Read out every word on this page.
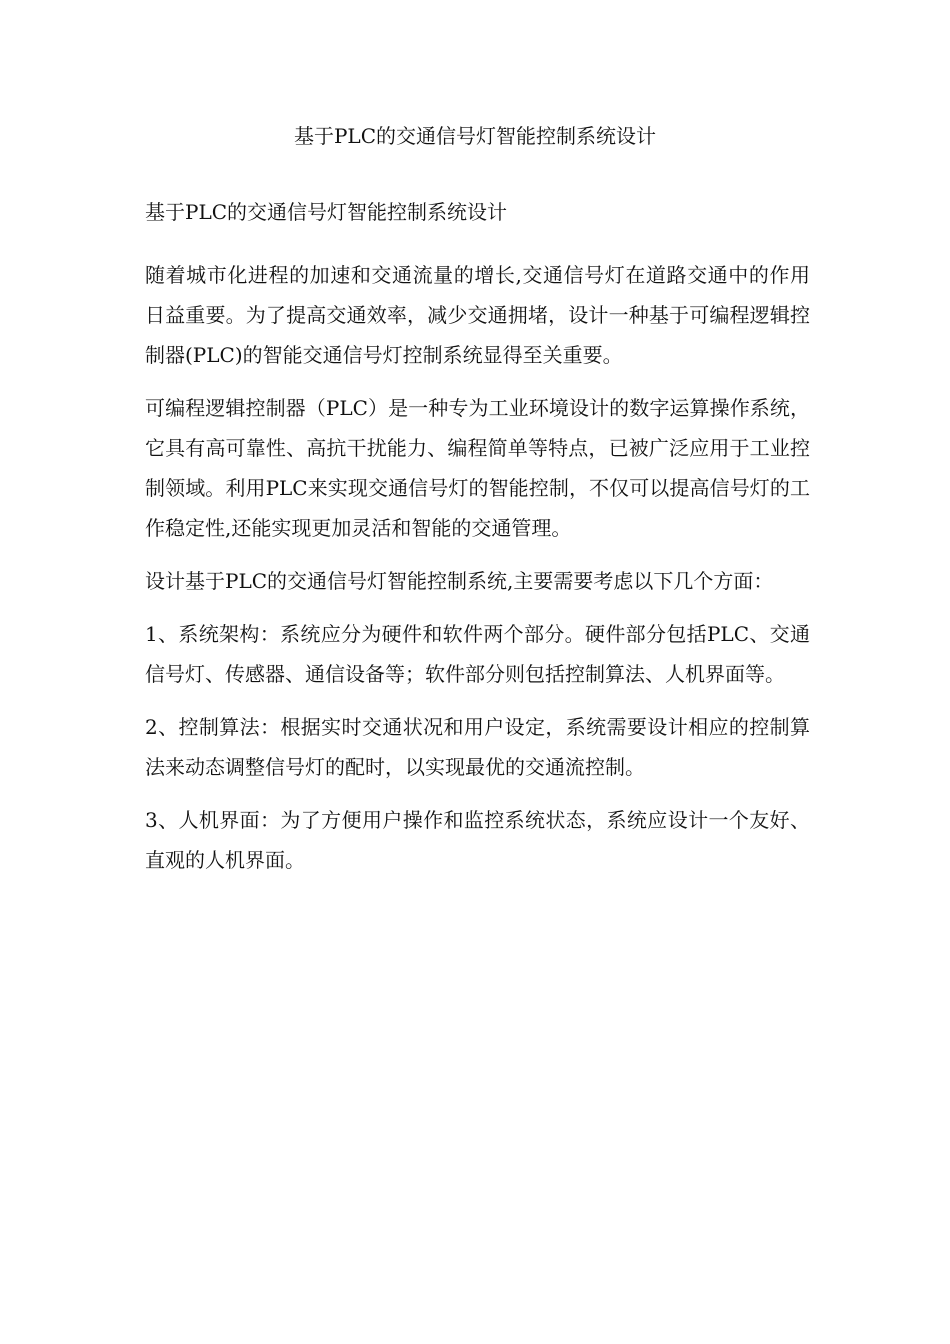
基于PLC的交通信号灯智能控制系统设计

基于PLC的交通信号灯智能控制系统设计

随着城市化进程的加速和交通流量的增长,交通信号灯在道路交通中的作用日益重要。为了提高交通效率，减少交通拥堵，设计一种基于可编程逻辑控制器(PLC)的智能交通信号灯控制系统显得至关重要。

可编程逻辑控制器（PLC）是一种专为工业环境设计的数字运算操作系统，它具有高可靠性、高抗干扰能力、编程简单等特点，已被广泛应用于工业控制领域。利用PLC来实现交通信号灯的智能控制，不仅可以提高信号灯的工作稳定性,还能实现更加灵活和智能的交通管理。

设计基于PLC的交通信号灯智能控制系统,主要需要考虑以下几个方面：

1、系统架构：系统应分为硬件和软件两个部分。硬件部分包括PLC、交通信号灯、传感器、通信设备等；软件部分则包括控制算法、人机界面等。

2、控制算法：根据实时交通状况和用户设定，系统需要设计相应的控制算法来动态调整信号灯的配时，以实现最优的交通流控制。

3、人机界面：为了方便用户操作和监控系统状态，系统应设计一个友好、直观的人机界面。
